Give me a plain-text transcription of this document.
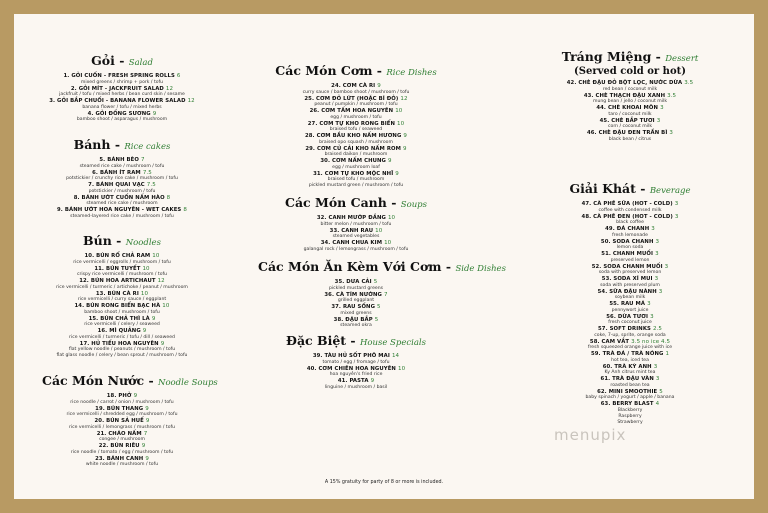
Gỏi - Salad
1. GỎI CUỐN - FRESH SPRING ROLLS 6
mixed greens / shrimp + pork / tofu
2. GỎI MÍT - JACKFRUIT SALAD 12
jackfruit / tofu / mixed herbs / bean curd skin / sesame
3. GỎI BẮP CHUỐI - BANANA FLOWER SALAD 12
banana flower / tofu / mixed herbs
4. GỎI ĐỒNG SƯƠNG 9
bamboo shoot / asparagus / mushroom
Bánh - Rice cakes
5. BÁNH BÈO 7
steamed rice cake / mushroom / tofu
6. BÁNH ÍT RAM 7.5
potstickier / crunchy rice cake / mushroom / tofu
7. BÁNH QUAI VẠC 7.5
potstickier / mushroom / tofu
8. BÁNH ƯỚT CUỐN NẤM HÀO 8
steamed rice cake / mushroom
9. BÁNH ƯỚT HOA NGUYÊN - WET CAKES 8
steamed-layered rice cake / mushroom / tofu
Bún - Noodles
10. BÚN RỔ CHẢ RAM 10
rice vermicelli / eggrolls / mushroom / tofu
11. BÚN TUYẾT 10
crispy rice vermicelli / mushroom / tofu
12. BÚN HOA ARTICHAUT 12
rice vermicelli / turmeric / artichoke / peanut / mushroom
13. BÚN CÀ RI 10
rice vermicelli / curry sauce / eggplant
14. BÚN RONG BIỂN BẠC HÀ 10
bamboo shoot / mushroom / tofu
15. BÚN CHẢ THÌ LÀ 9
rice vermicelli / celery / seaweed
16. MÌ QUẢNG 9
rice vermicelli / turmeric / tofu / dill / seaweed
17. HỦ TIẾU HOA NGUYÊN 9
flat yellow noodle / peanuts / mushroom / tofu
flat glass noodle / celery / bean sprout / mushroom / tofu
Các Món Nước - Noodle Soups
18. PHỞ 9
rice noodle / carrot / onion / mushroom / tofu
19. BÚN THANG 9
rice vermicelli / shredded egg / mushroom / tofu
20. BÚN SẢ HUẾ 9
rice vermicelli / lemongrass / mushroom / tofu
21. CHÁO NẤM 7
congee / mushroom
22. BÚN RIÊU 9
rice noodle / tomato / egg / mushroom / tofu
23. BÁNH CANH 9
white noodle / mushroom / tofu
Các Món Cơm - Rice Dishes
24. CƠM CÀ RI 9
curry sauce / bamboo shoot / mushroom / tofu
25. CƠM ĐỎ LỨT (HOẶC BÍ ĐỎ) 12
peanut / pumpkin / mushroom / tofu
26. CƠM TẤM HOA NGUYÊN 10
egg / mushroom / tofu
27. CƠM TỰ KHO RONG BIỂN 10
braised tofu / seaweed
28. CƠM BẦU KHO NẤM HƯƠNG 9
braised opo squash / mushroom
29. CƠM CỦ CẢI KHO NẤM ROM 9
braised daikon / mushroom
30. CƠM NẤM CHUNG 9
egg / mushroom loaf
31. CƠM TỰ KHO MỘC NHĨ 9
braised tofu / mushroom
pickled mustard green / mushroom / tofu
Các Món Canh - Soups
32. CANH MƯỚP ĐẮNG 10
bitter melon / mushroom / tofu
33. CANH RAU 10
steamed vegetables
34. CANH CHUA KIM 10
galangal rock / lemongrass / mushroom / tofu
Các Món Ăn Kèm Với Cơm - Side Dishes
35. DƯA CẢI 5
pickled mustard greens
36. CÀ TÍM NƯỚNG 7
grilled eggplant
37. RAU SỐNG 5
mixed greens
38. ĐẬU BẮP 5
steamed okra
Đặc Biệt - House Specials
39. TÀU HỦ SỐT PHÔ MAI 14
tomato / egg / fromage / tofu
40. CƠM CHIÊN HOA NGUYÊN 10
hoa nguyên's fried rice
41. PASTA 9
linguine / mushroom / basil
Tráng Miệng - Dessert
(Served cold or hot)
42. CHÈ ĐẬU ĐỎ BỘT LỌC, NƯỚC DỪA 3.5
red bean / coconut milk
43. CHÈ THẠCH ĐẬU XANH 3.5
mung bean / jello / coconut milk
44. CHÈ KHOAI MÔN 3
taro / coconut milk
45. CHÈ BẮP TƯƠI 3
corn / coconut milk
46. CHÈ ĐẬU ĐEN TRẦN BÌ 3
black bean / citrus
Giải Khát - Beverage
47. CÀ PHÊ SỮA (HOT - COLD) 3
coffee with condensed milk
48. CÀ PHÊ ĐEN (HOT - COLD) 3
black coffee
49. ĐÁ CHANH 3
fresh lemonade
50. SODA CHANH 3
lemon soda
51. CHANH MUỐI 3
preserved lemon
52. SODA CHANH MUỐI 3
soda with preserved lemon
53. SODA XÍ MUI 3
soda with preserved plum
54. SỮA ĐẬU NÀNH 3
soybean milk
55. RAU MÁ 3
pennywort juice
56. DỪA TƯƠI 3
fresh coconut juice
57. SOFT DRINKS 2.5
coke, 7-up, sprite, orange soda
58. CAM VẮT 3.5 no ice 4.5
fresh squeezed orange juice with ice
59. TRÀ ĐÁ / TRÀ NÓNG 1
hot tea, iced tea
60. TRÀ KỲ ANH 3
Ky Anh citrus mint tea
61. TRÀ ĐẬU VÀN 3
roasted bean tea
62. MINI SMOOTHIE 5
baby spinach / yogurt / apple / banana
63. BERRY BLAST 4
Blackberry
Raspberry
Strawberry
A 15% gratuity for party of 8 or more is included.
menupix
